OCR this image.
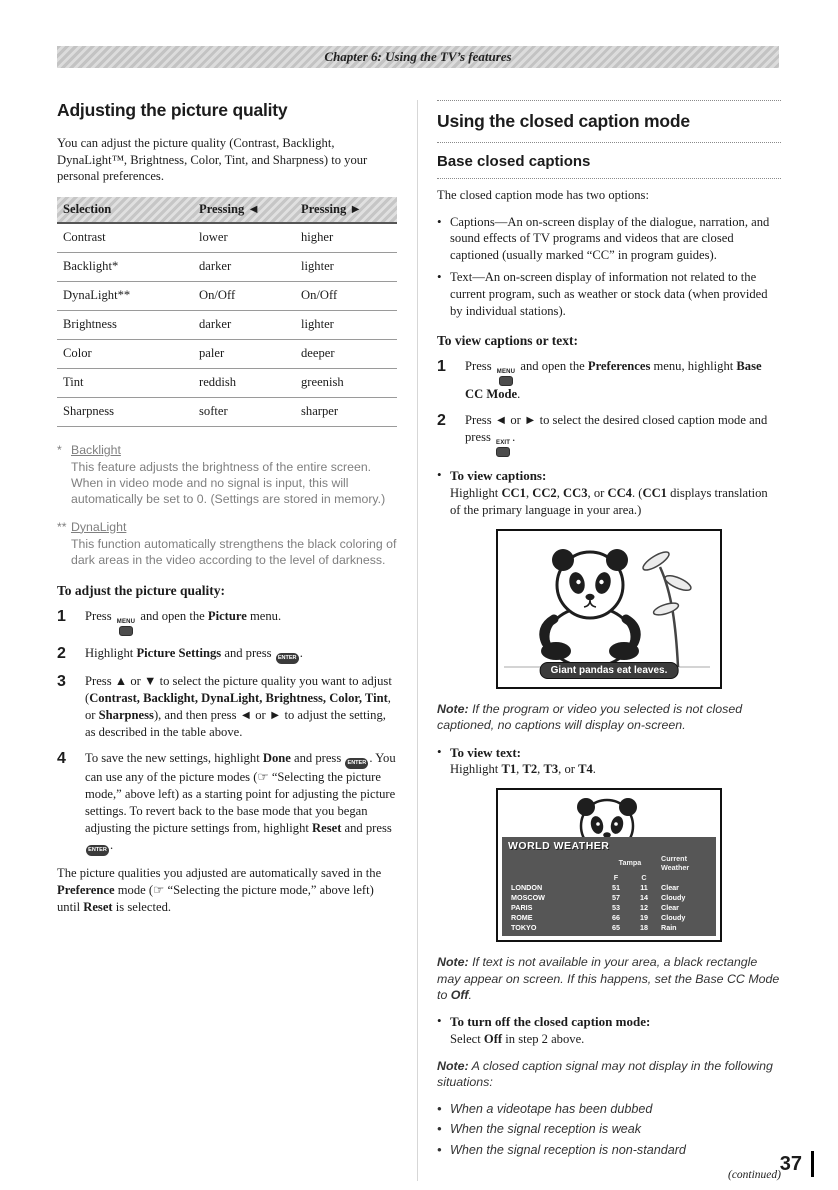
Chapter 6: Using the TV’s features
Adjusting the picture quality

You can adjust the picture quality (Contrast, Backlight, DynaLight™, Brightness, Color, Tint, and Sharpness) to your personal preferences.

Selection	Pressing ◄	Pressing ►
Contrast	lower	higher
Backlight*	darker	lighter
DynaLight**	On/Off	On/Off
Brightness	darker	lighter
Color	paler	deeper
Tint	reddish	greenish
Sharpness	softer	sharper
* Backlight
This feature adjusts the brightness of the entire screen. When in video mode and no signal is input, this will automatically be set to 0. (Settings are stored in memory.)
** DynaLight
This function automatically strengthens the black coloring of dark areas in the video according to the level of darkness.
To adjust the picture quality:
1	Press MENU and open the Picture menu.
2	Highlight Picture Settings and press ENTER .
3	Press ▲ or ▼ to select the picture quality you want to adjust (Contrast, Backlight, DynaLight, Brightness, Color, Tint, or Sharpness), and then press ◄ or ► to adjust the setting, as described in the table above.
4	To save the new settings, highlight Done and press ENTER . You can use any of the picture modes (☞ “Selecting the picture mode,” above left) as a starting point for adjusting the picture settings. To revert back to the base mode that you began adjusting the picture settings from, highlight Reset and press ENTER .

The picture qualities you adjusted are automatically saved in the Preference mode (☞ “Selecting the picture mode,” above left) until Reset is selected.

Using the closed caption mode
Base closed captions

The closed caption mode has two options:

• Captions—An on-screen display of the dialogue, narration, and sound effects of TV programs and videos that are closed captioned (usually marked “CC” in program guides).
• Text—An on-screen display of information not related to the current program, such as weather or stock data (when provided by individual stations).
To view captions or text:
1	Press MENU and open the Preferences menu, highlight Base CC Mode.
2	Press ◄ or ► to select the desired closed caption mode and press EXIT .
• To view captions:
Highlight CC1, CC2, CC3, or CC4. (CC1 displays translation of the primary language in your area.)
Giant pandas eat leaves.

Note: If the program or video you selected is not closed captioned, no captions will display on-screen.

• To view text:
Highlight T1, T2, T3, or T4.
WORLD WEATHER
	Tampa		Current Weather
	F	C	
LONDON	51	11	Clear
MOSCOW	57	14	Cloudy
PARIS	53	12	Clear
ROME	66	19	Cloudy
TOKYO	65	18	Rain

Note: If text is not available in your area, a black rectangle may appear on screen. If this happens, set the Base CC Mode to Off.

• To turn off the closed caption mode:
Select Off in step 2 above.

Note: A closed caption signal may not display in the following situations:

• When a videotape has been dubbed
• When the signal reception is weak
• When the signal reception is non-standard
(continued)
37
